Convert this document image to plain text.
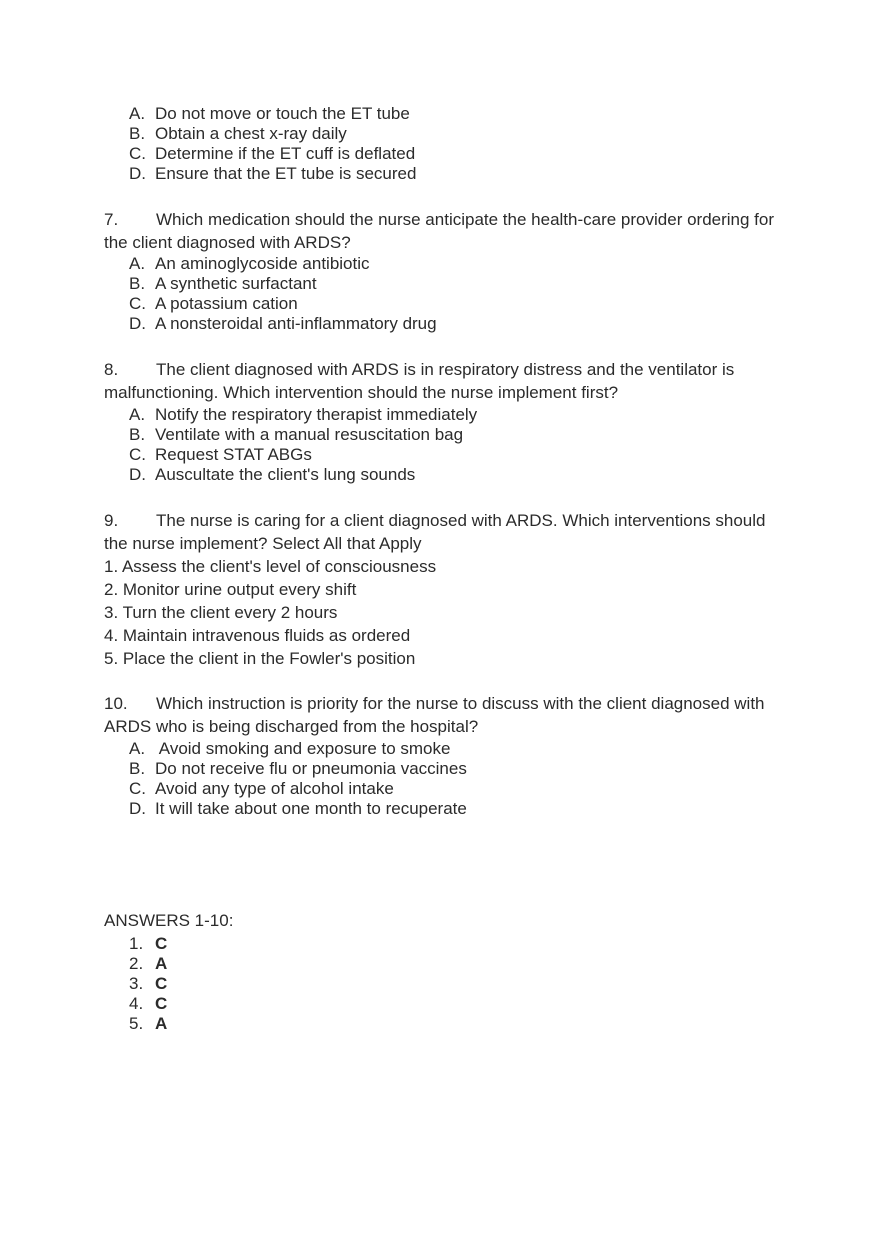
A. Do not move or touch the ET tube
B. Obtain a chest x-ray daily
C. Determine if the ET cuff is deflated
D. Ensure that the ET tube is secured

7. Which medication should the nurse anticipate the health-care provider ordering for the client diagnosed with ARDS?

A. An aminoglycoside antibiotic
B. A synthetic surfactant
C. A potassium cation
D. A nonsteroidal anti-inflammatory drug

8. The client diagnosed with ARDS is in respiratory distress and the ventilator is malfunctioning. Which intervention should the nurse implement first?

A. Notify the respiratory therapist immediately
B. Ventilate with a manual resuscitation bag
C. Request STAT ABGs
D. Auscultate the client's lung sounds

9. The nurse is caring for a client diagnosed with ARDS. Which interventions should the nurse implement? Select All that Apply

1. Assess the client's level of consciousness
2. Monitor urine output every shift
3. Turn the client every 2 hours
4. Maintain intravenous fluids as ordered
5. Place the client in the Fowler's position

10. Which instruction is priority for the nurse to discuss with the client diagnosed with ARDS who is being discharged from the hospital?

A. Avoid smoking and exposure to smoke
B. Do not receive flu or pneumonia vaccines
C. Avoid any type of alcohol intake
D. It will take about one month to recuperate
ANSWERS 1-10:
1. C
2. A
3. C
4. C
5. A
